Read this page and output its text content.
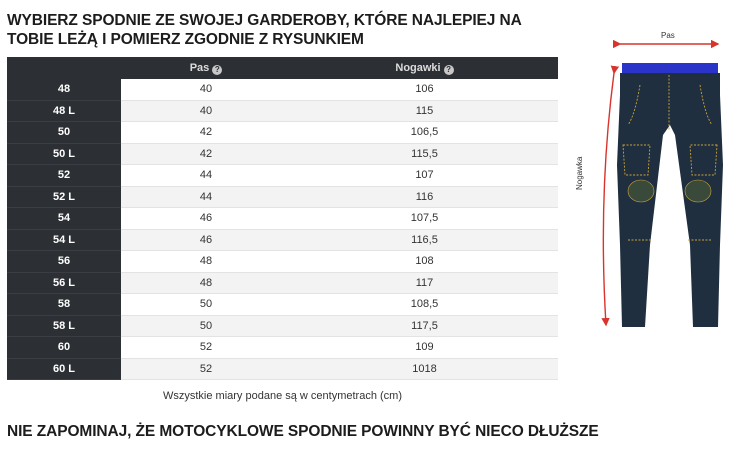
WYBIERZ SPODNIE ZE SWOJEJ GARDEROBY, KTÓRE NAJLEPIEJ NA TOBIE LEŻĄ I POMIERZ ZGODNIE Z RYSUNKIEM
	Pas ?	Nogawki ?
48	40	106
48 L	40	115
50	42	106,5
50 L	42	115,5
52	44	107
52 L	44	116
54	46	107,5
54 L	46	116,5
56	48	108
56 L	48	117
58	50	108,5
58 L	50	117,5
60	52	109
60 L	52	1018
Wszystkie miary podane są w centymetrach (cm)
NIE ZAPOMINAJ, ŻE MOTOCYKLOWE SPODNIE POWINNY BYĆ NIECO DŁUŻSZE
Pas
Nogawka
